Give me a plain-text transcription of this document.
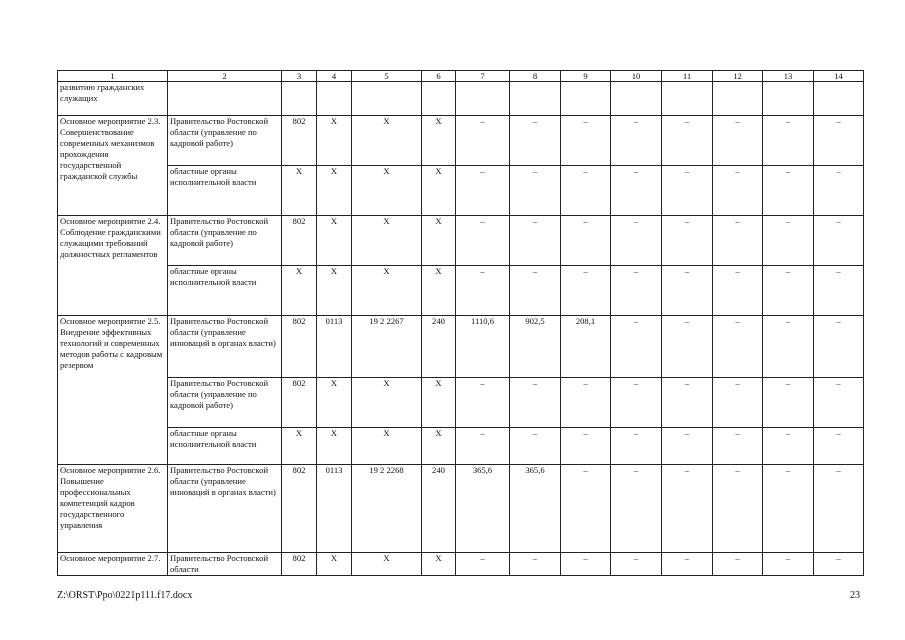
1	2	3	4	5	6	7	8	9	10	11	12	13	14
развитию гражданских служащих													
Основное мероприятие 2.3. Совершенствование современных механизмов прохождения государственной гражданской службы	Правительство Ростовской области (управление по кадровой работе)	802	Х	Х	Х	–	–	–	–	–	–	–	–
	областные органы исполнительной власти	Х	Х	Х	Х	–	–	–	–	–	–	–	–
Основное мероприятие 2.4. Соблюдение гражданскими служащими требований должностных регламентов	Правительство Ростовской области (управление по кадровой работе)	802	Х	Х	Х	–	–	–	–	–	–	–	–
	областные органы исполнительной власти	Х	Х	Х	Х	–	–	–	–	–	–	–	–
Основное мероприятие 2.5. Внедрение эффективных технологий и современных методов работы с кадровым резервом	Правительство Ростовской области (управление инноваций в органах власти)	802	0113	19 2 2267	240	1110,6	902,5	208,1	–	–	–	–	–
	Правительство Ростовской области (управление по кадровой работе)	802	Х	Х	Х	–	–	–	–	–	–	–	–
	областные органы исполнительной власти	Х	Х	Х	Х	–	–	–	–	–	–	–	–
Основное мероприятие 2.6. Повышение профессиональных компетенций кадров государственного управления	Правительство Ростовской области (управление инноваций в органах власти)	802	0113	19 2 2268	240	365,6	365,6	–	–	–	–	–	–
Основное мероприятие 2.7.	Правительство Ростовской области	802	Х	Х	Х	–	–	–	–	–	–	–	–
Z:\ORST\Ppo\0221p111.f17.docx	23
